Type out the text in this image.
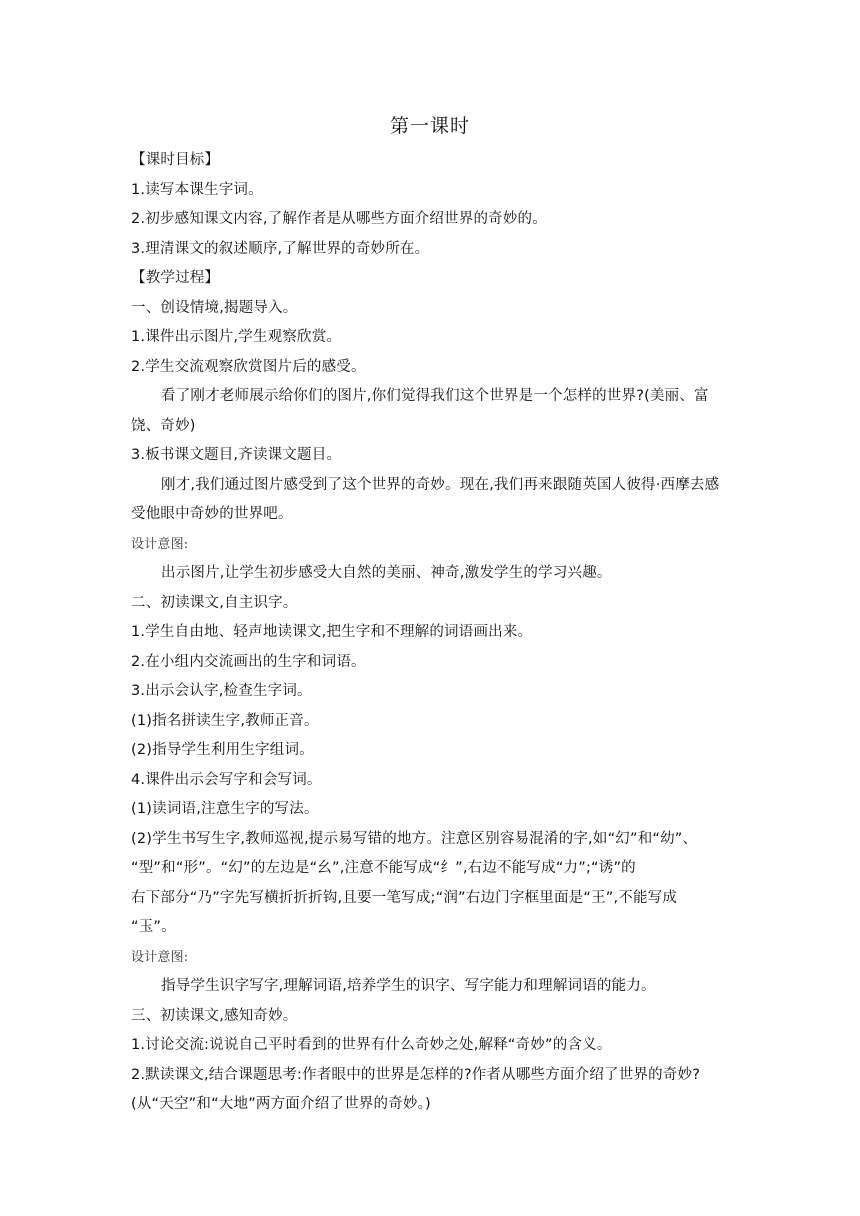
第一课时
【课时目标】
1.读写本课生字词。
2.初步感知课文内容,了解作者是从哪些方面介绍世界的奇妙的。
3.理清课文的叙述顺序,了解世界的奇妙所在。
【教学过程】
一、创设情境,揭题导入。
1.课件出示图片,学生观察欣赏。
2.学生交流观察欣赏图片后的感受。
看了刚才老师展示给你们的图片,你们觉得我们这个世界是一个怎样的世界?(美丽、富
饶、奇妙)
3.板书课文题目,齐读课文题目。
刚才,我们通过图片感受到了这个世界的奇妙。现在,我们再来跟随英国人彼得·西摩去感
受他眼中奇妙的世界吧。
设计意图:
出示图片,让学生初步感受大自然的美丽、神奇,激发学生的学习兴趣。
二、初读课文,自主识字。
1.学生自由地、轻声地读课文,把生字和不理解的词语画出来。
2.在小组内交流画出的生字和词语。
3.出示会认字,检查生字词。
(1)指名拼读生字,教师正音。
(2)指导学生利用生字组词。
4.课件出示会写字和会写词。
(1)读词语,注意生字的写法。
(2)学生书写生字,教师巡视,提示易写错的地方。注意区别容易混淆的字,如“幻”和“幼”、
“型”和“形”。“幻”的左边是“幺”,注意不能写成“纟”,右边不能写成“力”;“诱”的
右下部分“乃”字先写横折折折钩,且要一笔写成;“润”右边门字框里面是“王”,不能写成
“玉”。
设计意图:
指导学生识字写字,理解词语,培养学生的识字、写字能力和理解词语的能力。
三、初读课文,感知奇妙。
1.讨论交流:说说自己平时看到的世界有什么奇妙之处,解释“奇妙”的含义。
2.默读课文,结合课题思考:作者眼中的世界是怎样的?作者从哪些方面介绍了世界的奇妙?
(从“天空”和“大地”两方面介绍了世界的奇妙。)
